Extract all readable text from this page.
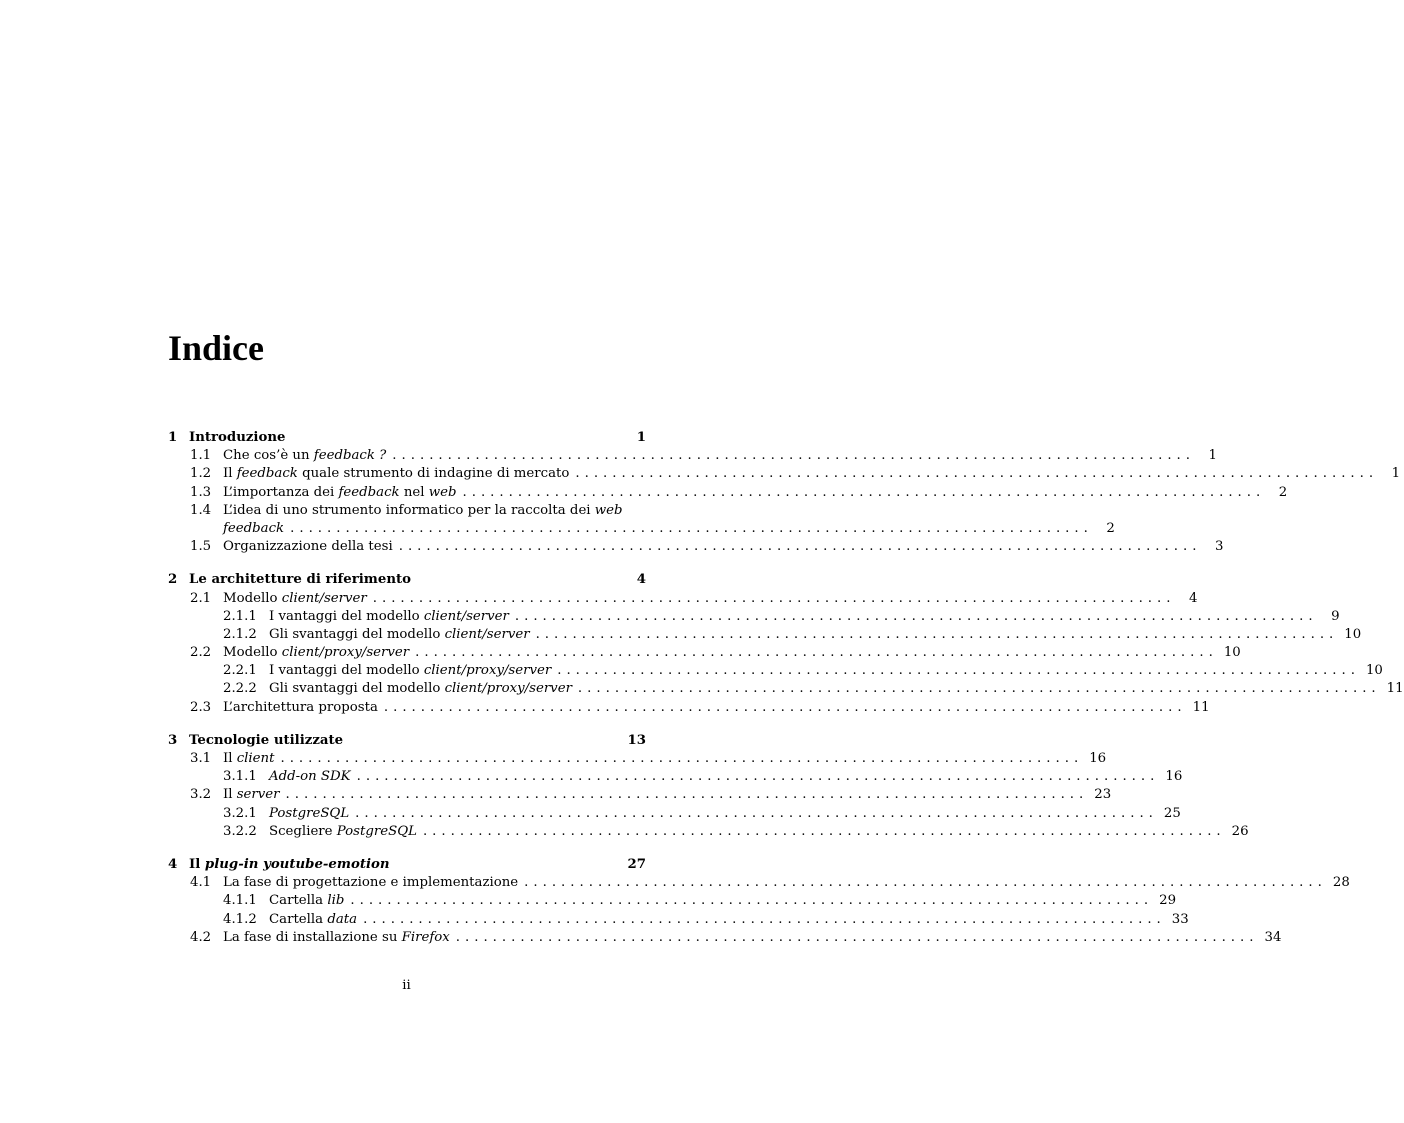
Indice
1 Introduzione	1
1.1 Che cos’è un feedback ? .......................................................................................	1
1.2 Il feedback quale strumento di indagine di mercato .......................................................................................	1
1.3 L’importanza dei feedback nel web .......................................................................................	2
1.4 L’idea di uno strumento informatico per la raccolta dei web
feedback .......................................................................................	2
1.5 Organizzazione della tesi .......................................................................................	3
2 Le architetture di riferimento	4
2.1 Modello client/server .......................................................................................	4
2.1.1 I vantaggi del modello client/server .......................................................................................	9
2.1.2 Gli svantaggi del modello client/server ....................................................................................... 10
2.2 Modello client/proxy/server ....................................................................................... 10
2.2.1 I vantaggi del modello client/proxy/server ....................................................................................... 10
2.2.2 Gli svantaggi del modello client/proxy/server ....................................................................................... 11
2.3 L’architettura proposta ....................................................................................... 11
3 Tecnologie utilizzate	13
3.1 Il client ....................................................................................... 16
3.1.1 Add-on SDK ....................................................................................... 16
3.2 Il server ....................................................................................... 23
3.2.1 PostgreSQL ....................................................................................... 25
3.2.2 Scegliere PostgreSQL ....................................................................................... 26
4 Il plug-in youtube-emotion	27
4.1 La fase di progettazione e implementazione ....................................................................................... 28
4.1.1 Cartella lib ....................................................................................... 29
4.1.2 Cartella data ....................................................................................... 33
4.2 La fase di installazione su Firefox ....................................................................................... 34
ii
